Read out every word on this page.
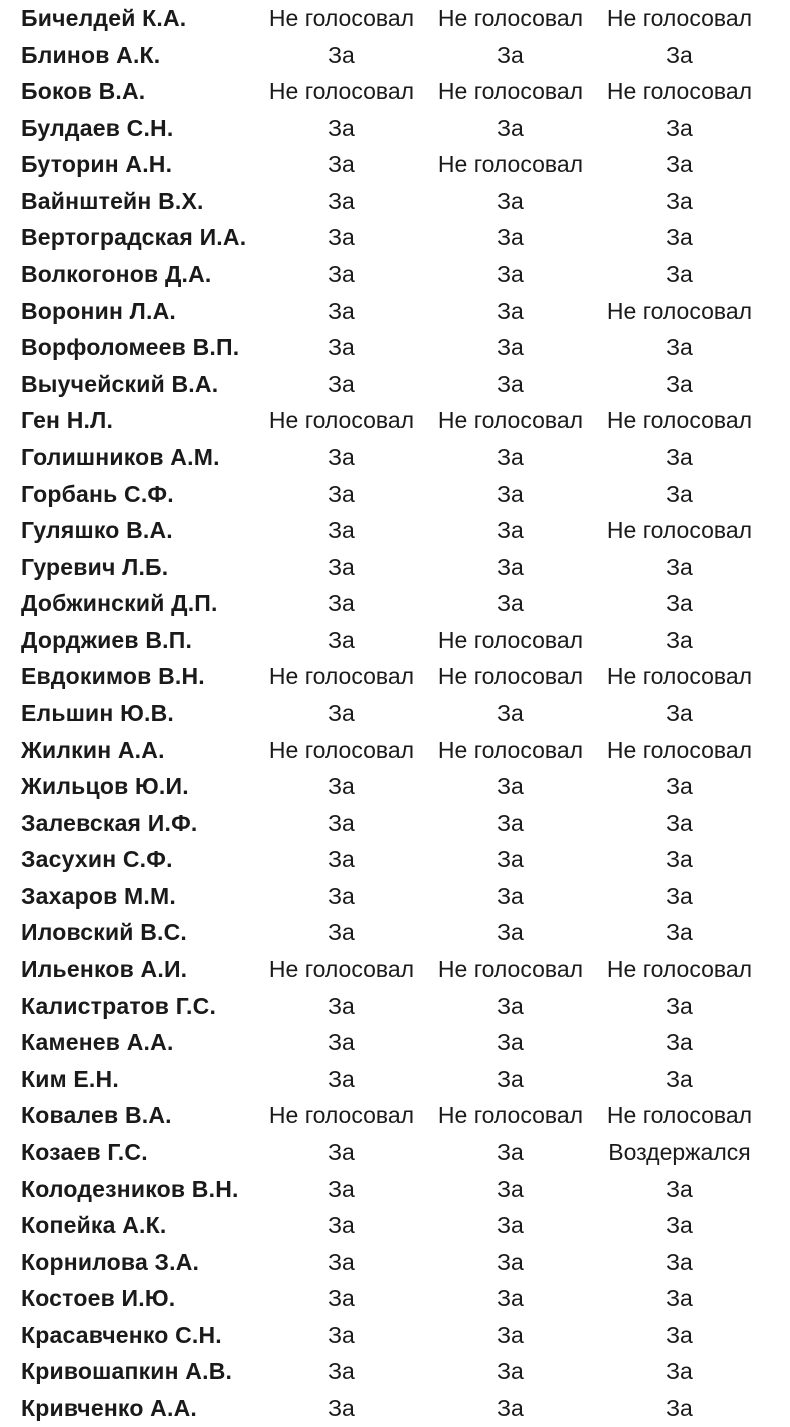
Бичелдей К.А.	Не голосовал	Не голосовал	Не голосовал
Блинов А.К.	За	За	За
Боков В.А.	Не голосовал	Не голосовал	Не голосовал
Булдаев С.Н.	За	За	За
Буторин А.Н.	За	Не голосовал	За
Вайнштейн В.Х.	За	За	За
Вертоградская И.А.	За	За	За
Волкогонов Д.А.	За	За	За
Воронин Л.А.	За	За	Не голосовал
Ворфоломеев В.П.	За	За	За
Выучейский В.А.	За	За	За
Ген Н.Л.	Не голосовал	Не голосовал	Не голосовал
Голишников А.М.	За	За	За
Горбань С.Ф.	За	За	За
Гуляшко В.А.	За	За	Не голосовал
Гуревич Л.Б.	За	За	За
Добжинский Д.П.	За	За	За
Дорджиев В.П.	За	Не голосовал	За
Евдокимов В.Н.	Не голосовал	Не голосовал	Не голосовал
Ельшин Ю.В.	За	За	За
Жилкин А.А.	Не голосовал	Не голосовал	Не голосовал
Жильцов Ю.И.	За	За	За
Залевская И.Ф.	За	За	За
Засухин С.Ф.	За	За	За
Захаров М.М.	За	За	За
Иловский В.С.	За	За	За
Ильенков А.И.	Не голосовал	Не голосовал	Не голосовал
Калистратов Г.С.	За	За	За
Каменев А.А.	За	За	За
Ким Е.Н.	За	За	За
Ковалев В.А.	Не голосовал	Не голосовал	Не голосовал
Козаев Г.С.	За	За	Воздержался
Колодезников В.Н.	За	За	За
Копейка А.К.	За	За	За
Корнилова З.А.	За	За	За
Костоев И.Ю.	За	За	За
Красавченко С.Н.	За	За	За
Кривошапкин А.В.	За	За	За
Кривченко А.А.	За	За	За
